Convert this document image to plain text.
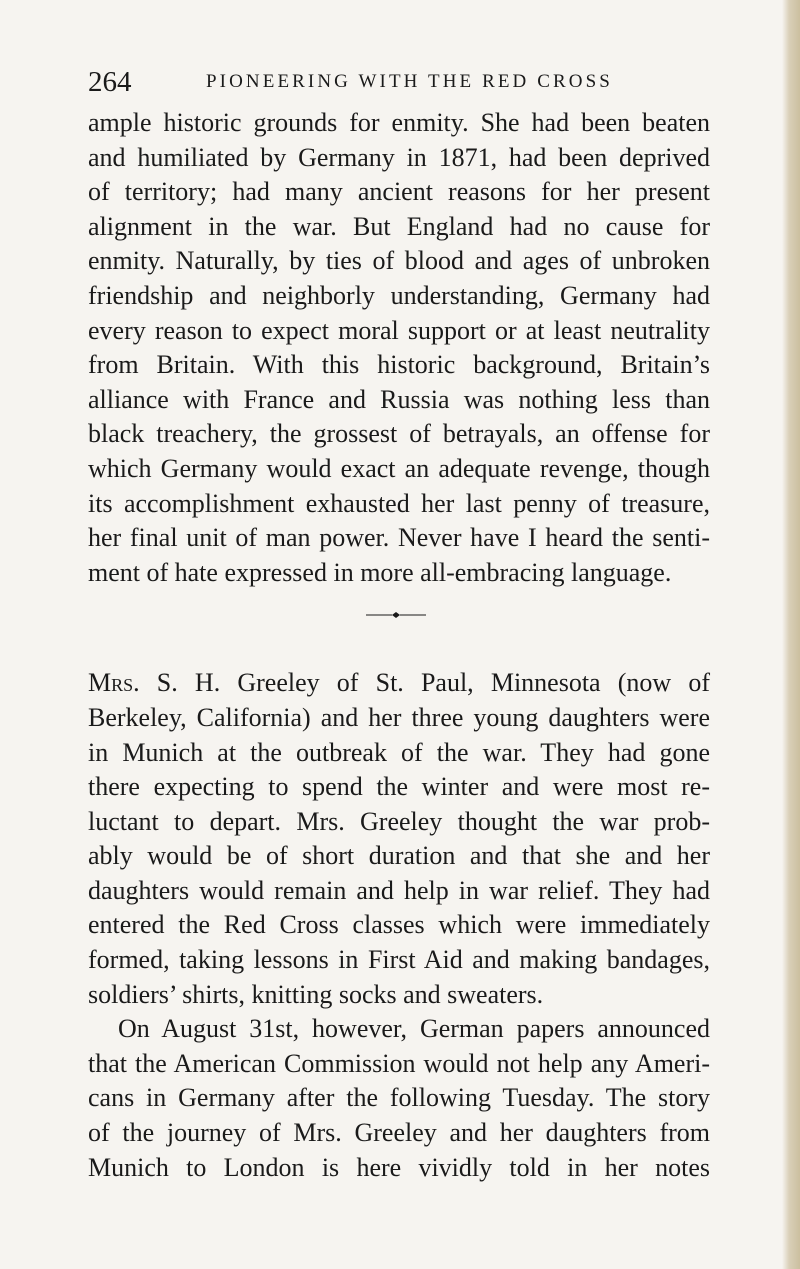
264	PIONEERING WITH THE RED CROSS
ample historic grounds for enmity. She had been beaten
and humiliated by Germany in 1871, had been deprived
of territory; had many ancient reasons for her present
alignment in the war. But England had no cause for
enmity. Naturally, by ties of blood and ages of unbroken
friendship and neighborly understanding, Germany had
every reason to expect moral support or at least neutrality
from Britain. With this historic background, Britain’s
alliance with France and Russia was nothing less than
black treachery, the grossest of betrayals, an offense for
which Germany would exact an adequate revenge, though
its accomplishment exhausted her last penny of treasure,
her final unit of man power. Never have I heard the senti-
ment of hate expressed in more all-embracing language.
Mrs. S. H. Greeley of St. Paul, Minnesota (now of
Berkeley, California) and her three young daughters were
in Munich at the outbreak of the war. They had gone
there expecting to spend the winter and were most re-
luctant to depart. Mrs. Greeley thought the war prob-
ably would be of short duration and that she and her
daughters would remain and help in war relief. They had
entered the Red Cross classes which were immediately
formed, taking lessons in First Aid and making bandages,
soldiers’ shirts, knitting socks and sweaters.
On August 31st, however, German papers announced
that the American Commission would not help any Ameri-
cans in Germany after the following Tuesday. The story
of the journey of Mrs. Greeley and her daughters from
Munich to London is here vividly told in her notes
